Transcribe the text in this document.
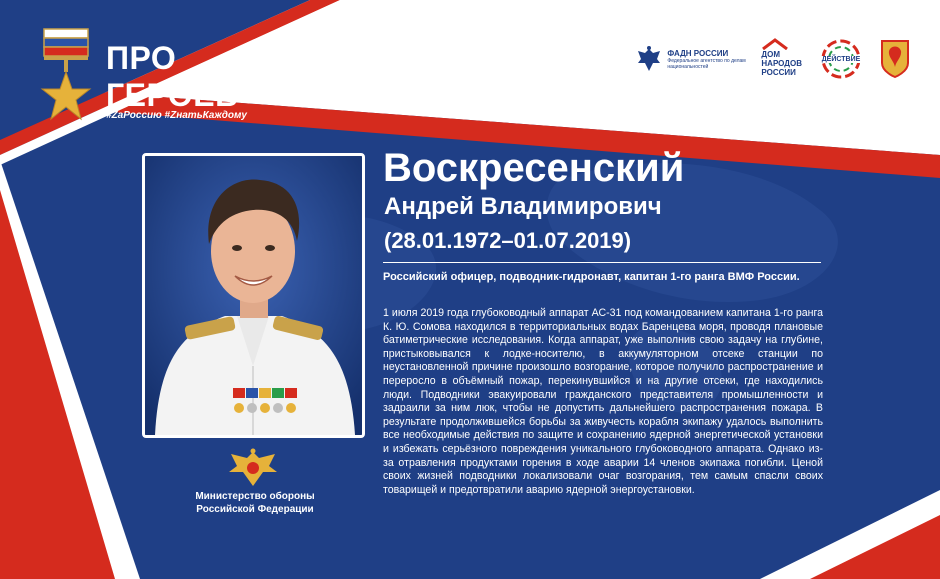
ПРО
ГЕРОЕВ
#ZaРоссию #ZнатьКаждому
ФАДН РОССИИ
Федеральное агентство по делам национальностей
ДОМ
НАРОДОВ
РОССИИ
ДЕЙСТВИЕ
Министерство обороны
Российской Федерации
Воскресенский
Андрей Владимирович
(28.01.1972–01.07.2019)
Российский офицер, подводник-гидронавт, капитан 1-го ранга ВМФ России.
1 июля 2019 года глубоководный аппарат АС-31 под командованием капитана 1-го ранга К. Ю. Сомова находился в территориальных водах Баренцева моря, проводя плановые батиметрические исследования. Когда аппарат, уже выполнив свою задачу на глубине, пристыковывался к лодке-носителю, в аккумуляторном отсеке станции по неустановленной причине произошло возгорание, которое получило распространение и переросло в объёмный пожар, перекинувшийся и на другие отсеки, где находились люди. Подводники эвакуировали гражданского представителя промышленности и задраили за ним люк, чтобы не допустить дальнейшего распространения пожара. В результате продолжившейся борьбы за живучесть корабля экипажу удалось выполнить все необходимые действия по защите и сохранению ядерной энергетической установки и избежать серьёзного повреждения уникального глубоководного аппарата. Однако из-за отравления продуктами горения в ходе аварии 14 членов экипажа погибли. Ценой своих жизней подводники локализовали очаг возгорания, тем самым спасли своих товарищей и предотвратили аварию ядерной энергоустановки.
